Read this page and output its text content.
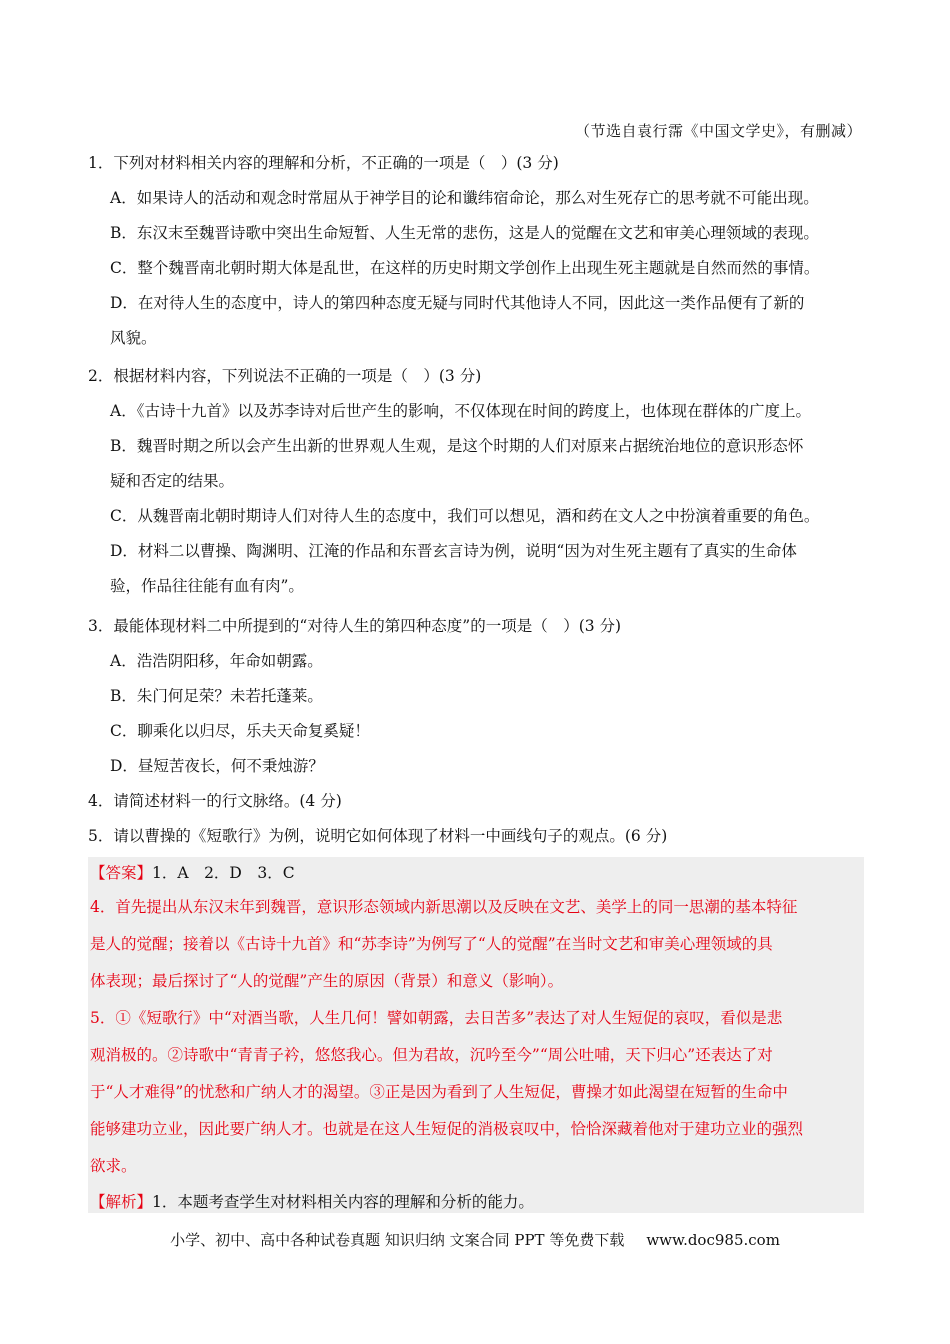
（节选自袁行霈《中国文学史》，有删减）
1．下列对材料相关内容的理解和分析，不正确的一项是（　）(3 分)
A．如果诗人的活动和观念时常屈从于神学目的论和谶纬宿命论，那么对生死存亡的思考就不可能出现。
B．东汉末至魏晋诗歌中突出生命短暂、人生无常的悲伤，这是人的觉醒在文艺和审美心理领域的表现。
C．整个魏晋南北朝时期大体是乱世，在这样的历史时期文学创作上出现生死主题就是自然而然的事情。
D．在对待人生的态度中，诗人的第四种态度无疑与同时代其他诗人不同，因此这一类作品便有了新的
风貌。
2．根据材料内容，下列说法不正确的一项是（　）(3 分)
A．《古诗十九首》以及苏李诗对后世产生的影响，不仅体现在时间的跨度上，也体现在群体的广度上。
B．魏晋时期之所以会产生出新的世界观人生观，是这个时期的人们对原来占据统治地位的意识形态怀
疑和否定的结果。
C．从魏晋南北朝时期诗人们对待人生的态度中，我们可以想见，酒和药在文人之中扮演着重要的角色。
D．材料二以曹操、陶渊明、江淹的作品和东晋玄言诗为例，说明“因为对生死主题有了真实的生命体
验，作品往往能有血有肉”。
3．最能体现材料二中所提到的“对待人生的第四种态度”的一项是（　）(3 分)
A．浩浩阴阳移，年命如朝露。
B．朱门何足荣？未若托蓬莱。
C．聊乘化以归尽，乐夫天命复奚疑！
D．昼短苦夜长，何不秉烛游？
4．请简述材料一的行文脉络。(4 分)
5．请以曹操的《短歌行》为例，说明它如何体现了材料一中画线句子的观点。(6 分)
【答案】1．A　2．D　3．C
4．首先提出从东汉末年到魏晋，意识形态领域内新思潮以及反映在文艺、美学上的同一思潮的基本特征
是人的觉醒；接着以《古诗十九首》和“苏李诗”为例写了“人的觉醒”在当时文艺和审美心理领域的具
体表现；最后探讨了“人的觉醒”产生的原因（背景）和意义（影响）。
5．①《短歌行》中“对酒当歌，人生几何！譬如朝露，去日苦多”表达了对人生短促的哀叹，看似是悲
观消极的。②诗歌中“青青子衿，悠悠我心。但为君故，沉吟至今”“周公吐哺，天下归心”还表达了对
于“人才难得”的忧愁和广纳人才的渴望。③正是因为看到了人生短促，曹操才如此渴望在短暂的生命中
能够建功立业，因此要广纳人才。也就是在这人生短促的消极哀叹中，恰恰深藏着他对于建功立业的强烈
欲求。
【解析】1．本题考查学生对材料相关内容的理解和分析的能力。
小学、初中、高中各种试卷真题 知识归纳 文案合同 PPT 等免费下载 www.doc985.com
